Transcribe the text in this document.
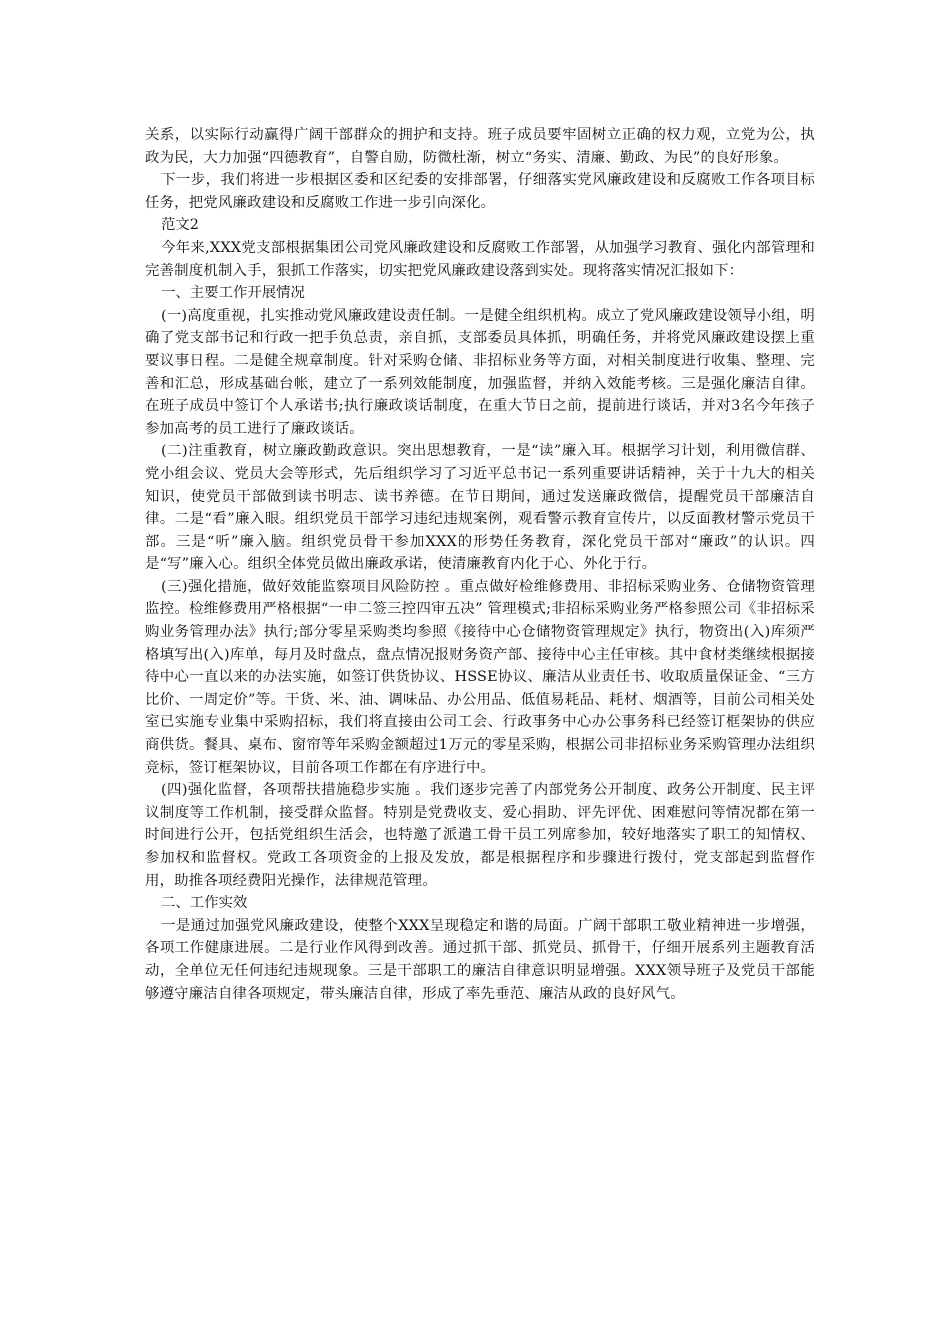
关系，以实际行动赢得广阔干部群众的拥护和支持。班子成员要牢固树立正确的权力观，立党为公，执政为民，大力加强“四德教育”，自警自励，防微杜渐，树立“务实、清廉、勤政、为民”的良好形象。

下一步，我们将进一步根据区委和区纪委的安排部署，仔细落实党风廉政建设和反腐败工作各项目标任务，把党风廉政建设和反腐败工作进一步引向深化。

范文2

今年来,XXX党支部根据集团公司党风廉政建设和反腐败工作部署，从加强学习教育、强化内部管理和完善制度机制入手，狠抓工作落实，切实把党风廉政建设落到实处。现将落实情况汇报如下：

一、主要工作开展情况

(一)高度重视，扎实推动党风廉政建设责任制。一是健全组织机构。成立了党风廉政建设领导小组，明确了党支部书记和行政一把手负总责，亲自抓，支部委员具体抓，明确任务，并将党风廉政建设摆上重要议事日程。二是健全规章制度。针对采购仓储、非招标业务等方面，对相关制度进行收集、整理、完善和汇总，形成基础台帐，建立了一系列效能制度，加强监督，并纳入效能考核。三是强化廉洁自律。在班子成员中签订个人承诺书;执行廉政谈话制度，在重大节日之前，提前进行谈话，并对3名今年孩子参加高考的员工进行了廉政谈话。

(二)注重教育，树立廉政勤政意识。突出思想教育，一是“读”廉入耳。根据学习计划，利用微信群、党小组会议、党员大会等形式，先后组织学习了习近平总书记一系列重要讲话精神，关于十九大的相关知识，使党员干部做到读书明志、读书养德。在节日期间，通过发送廉政微信，提醒党员干部廉洁自律。二是“看”廉入眼。组织党员干部学习违纪违规案例，观看警示教育宣传片，以反面教材警示党员干部。三是“听”廉入脑。组织党员骨干参加XXX的形势任务教育，深化党员干部对“廉政”的认识。四是“写”廉入心。组织全体党员做出廉政承诺，使清廉教育内化于心、外化于行。

(三)强化措施，做好效能监察项目风险防控 。重点做好检维修费用、非招标采购业务、仓储物资管理监控。检维修费用严格根据“一申二签三控四审五决” 管理模式;非招标采购业务严格参照公司《非招标采购业务管理办法》执行;部分零星采购类均参照《接待中心仓储物资管理规定》执行，物资出(入)库须严格填写出(入)库单，每月及时盘点，盘点情况报财务资产部、接待中心主任审核。其中食材类继续根据接待中心一直以来的办法实施，如签订供货协议、HSSE协议、廉洁从业责任书、收取质量保证金、“三方比价、一周定价”等。干货、米、油、调味品、办公用品、低值易耗品、耗材、烟酒等，目前公司相关处室已实施专业集中采购招标，我们将直接由公司工会、行政事务中心办公事务科已经签订框架协的供应商供货。餐具、桌布、窗帘等年采购金额超过1万元的零星采购，根据公司非招标业务采购管理办法组织竞标，签订框架协议，目前各项工作都在有序进行中。

(四)强化监督，各项帮扶措施稳步实施 。我们逐步完善了内部党务公开制度、政务公开制度、民主评议制度等工作机制，接受群众监督。特别是党费收支、爱心捐助、评先评优、困难慰问等情况都在第一时间进行公开，包括党组织生活会，也特邀了派遣工骨干员工列席参加，较好地落实了职工的知情权、参加权和监督权。党政工各项资金的上报及发放，都是根据程序和步骤进行拨付，党支部起到监督作用，助推各项经费阳光操作，法律规范管理。

二、工作实效

一是通过加强党风廉政建设，使整个XXX呈现稳定和谐的局面。广阔干部职工敬业精神进一步增强，各项工作健康进展。二是行业作风得到改善。通过抓干部、抓党员、抓骨干，仔细开展系列主题教育活动，全单位无任何违纪违规现象。三是干部职工的廉洁自律意识明显增强。XXX领导班子及党员干部能够遵守廉洁自律各项规定，带头廉洁自律，形成了率先垂范、廉洁从政的良好风气。
